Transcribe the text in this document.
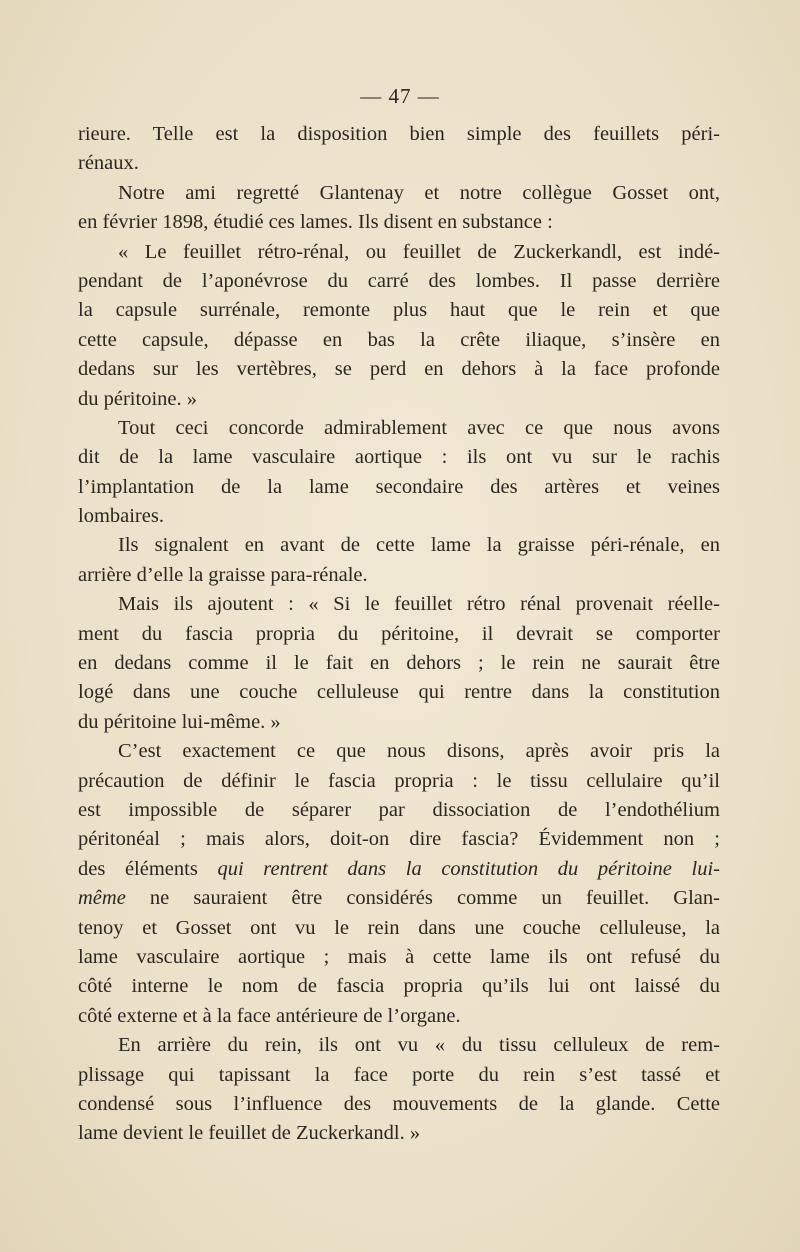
— 47 —
rieure. Telle est la disposition bien simple des feuillets péri-
rénaux.
Notre ami regretté Glantenay et notre collègue Gosset ont,
en février 1898, étudié ces lames. Ils disent en substance :
« Le feuillet rétro-rénal, ou feuillet de Zuckerkandl, est indé-
pendant de l’aponévrose du carré des lombes. Il passe derrière
la capsule surrénale, remonte plus haut que le rein et que
cette capsule, dépasse en bas la crête iliaque, s’insère en
dedans sur les vertèbres, se perd en dehors à la face profonde
du péritoine. »
Tout ceci concorde admirablement avec ce que nous avons
dit de la lame vasculaire aortique : ils ont vu sur le rachis
l’implantation de la lame secondaire des artères et veines
lombaires.
Ils signalent en avant de cette lame la graisse péri-rénale, en
arrière d’elle la graisse para-rénale.
Mais ils ajoutent : « Si le feuillet rétro rénal provenait réelle-
ment du fascia propria du péritoine, il devrait se comporter
en dedans comme il le fait en dehors ; le rein ne saurait être
logé dans une couche celluleuse qui rentre dans la constitution
du péritoine lui-même. »
C’est exactement ce que nous disons, après avoir pris la
précaution de définir le fascia propria : le tissu cellulaire qu’il
est impossible de séparer par dissociation de l’endothélium
péritonéal ; mais alors, doit-on dire fascia? Évidemment non ;
des éléments qui rentrent dans la constitution du péritoine lui-
même ne sauraient être considérés comme un feuillet. Glan-
tenoy et Gosset ont vu le rein dans une couche celluleuse, la
lame vasculaire aortique ; mais à cette lame ils ont refusé du
côté interne le nom de fascia propria qu’ils lui ont laissé du
côté externe et à la face antérieure de l’organe.
En arrière du rein, ils ont vu « du tissu celluleux de rem-
plissage qui tapissant la face porte du rein s’est tassé et
condensé sous l’influence des mouvements de la glande. Cette
lame devient le feuillet de Zuckerkandl. »
